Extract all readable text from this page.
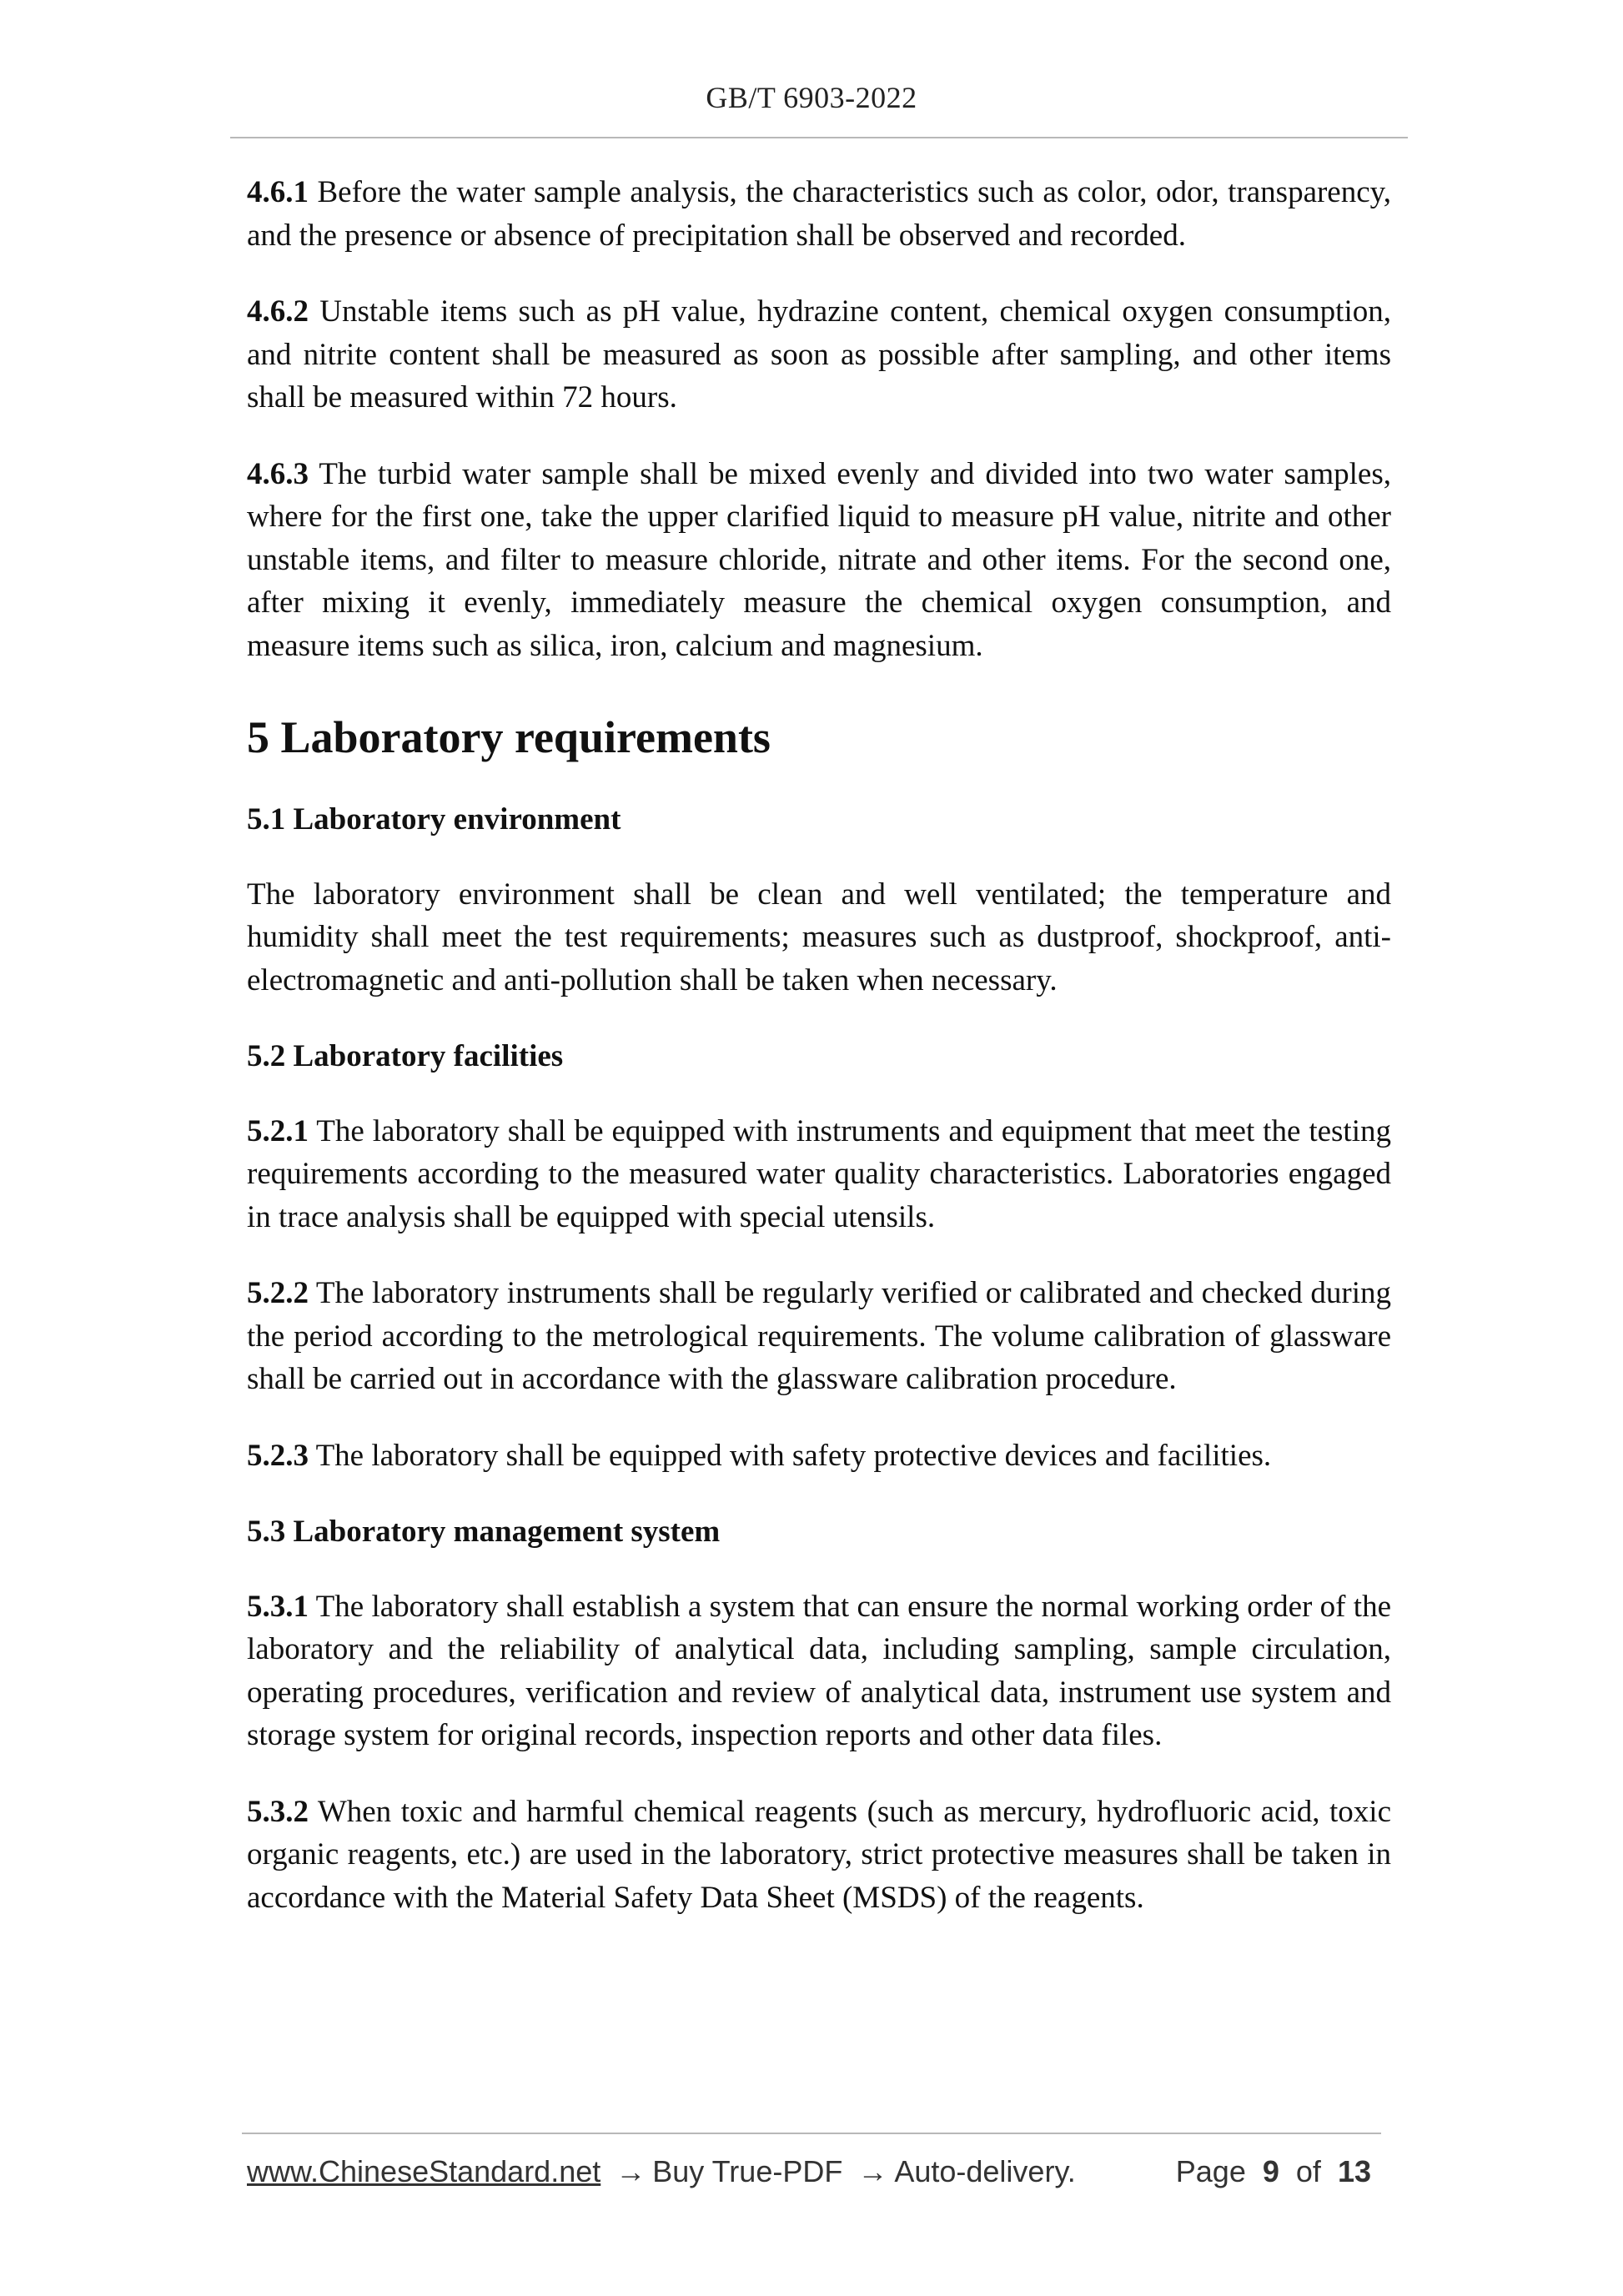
GB/T 6903-2022

4.6.1 Before the water sample analysis, the characteristics such as color, odor, transparency, and the presence or absence of precipitation shall be observed and recorded.

4.6.2 Unstable items such as pH value, hydrazine content, chemical oxygen consumption, and nitrite content shall be measured as soon as possible after sampling, and other items shall be measured within 72 hours.

4.6.3 The turbid water sample shall be mixed evenly and divided into two water samples, where for the first one, take the upper clarified liquid to measure pH value, nitrite and other unstable items, and filter to measure chloride, nitrate and other items. For the second one, after mixing it evenly, immediately measure the chemical oxygen consumption, and measure items such as silica, iron, calcium and magnesium.

5 Laboratory requirements
5.1 Laboratory environment

The laboratory environment shall be clean and well ventilated; the temperature and humidity shall meet the test requirements; measures such as dustproof, shockproof, anti-electromagnetic and anti-pollution shall be taken when necessary.

5.2 Laboratory facilities

5.2.1 The laboratory shall be equipped with instruments and equipment that meet the testing requirements according to the measured water quality characteristics. Laboratories engaged in trace analysis shall be equipped with special utensils.

5.2.2 The laboratory instruments shall be regularly verified or calibrated and checked during the period according to the metrological requirements. The volume calibration of glassware shall be carried out in accordance with the glassware calibration procedure.

5.2.3 The laboratory shall be equipped with safety protective devices and facilities.

5.3 Laboratory management system

5.3.1 The laboratory shall establish a system that can ensure the normal working order of the laboratory and the reliability of analytical data, including sampling, sample circulation, operating procedures, verification and review of analytical data, instrument use system and storage system for original records, inspection reports and other data files.

5.3.2 When toxic and harmful chemical reagents (such as mercury, hydrofluoric acid, toxic organic reagents, etc.) are used in the laboratory, strict protective measures shall be taken in accordance with the Material Safety Data Sheet (MSDS) of the reagents.

www.ChineseStandard.net → Buy True-PDF → Auto-delivery.	Page 9 of 13
